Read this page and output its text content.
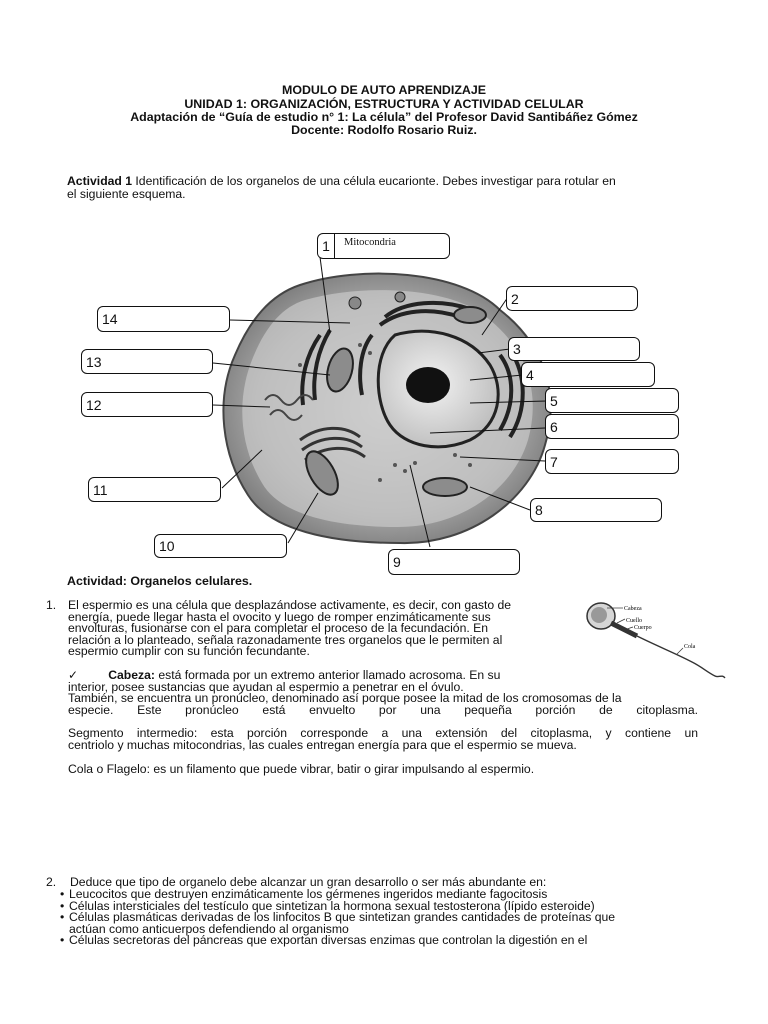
MODULO DE AUTO APRENDIZAJE
UNIDAD 1: ORGANIZACIÓN, ESTRUCTURA Y ACTIVIDAD CELULAR
Adaptación de “Guía de estudio n° 1: La célula” del Profesor David Santibáñez Gómez
Docente: Rodolfo Rosario Ruiz.
Actividad 1 Identificación de los organelos de una célula eucarionte. Debes investigar para rotular en
el siguiente esquema.
1	Mitocondria
2
3
4
5
6
7
8
9
10
11
12
13
14
Actividad: Organelos celulares.
1. El espermio es una célula que desplazándose activamente, es decir, con gasto de
energía, puede llegar hasta el ovocito y luego de romper enzimáticamente sus
envolturas, fusionarse con el para completar el proceso de la fecundación. En
relación a lo planteado, señala razonadamente tres organelos que le permiten al
espermio cumplir con su función fecundante.
Cabeza
Cuello
Cuerpo
Cola
✓ Cabeza: está formada por un extremo anterior llamado acrosoma. En su
interior, posee sustancias que ayudan al espermio a penetrar en el óvulo.
También, se encuentra un pronúcleo, denominado así porque posee la mitad de los cromosomas de la
especie. Este pronúcleo está envuelto por una pequeña porción de citoplasma.
Segmento intermedio: esta porción corresponde a una extensión del citoplasma, y contiene un
centriolo y muchas mitocondrias, las cuales entregan energía para que el espermio se mueva.
Cola o Flagelo: es un filamento que puede vibrar, batir o girar impulsando al espermio.
2. Deduce que tipo de organelo debe alcanzar un gran desarrollo o ser más abundante en:
• Leucocitos que destruyen enzimáticamente los gérmenes ingeridos mediante fagocitosis
• Células intersticiales del testículo que sintetizan la hormona sexual testosterona (lípido esteroide)
• Células plasmáticas derivadas de los linfocitos B que sintetizan grandes cantidades de proteínas que
actúan como anticuerpos defendiendo al organismo
• Células secretoras del páncreas que exportan diversas enzimas que controlan la digestión en el
